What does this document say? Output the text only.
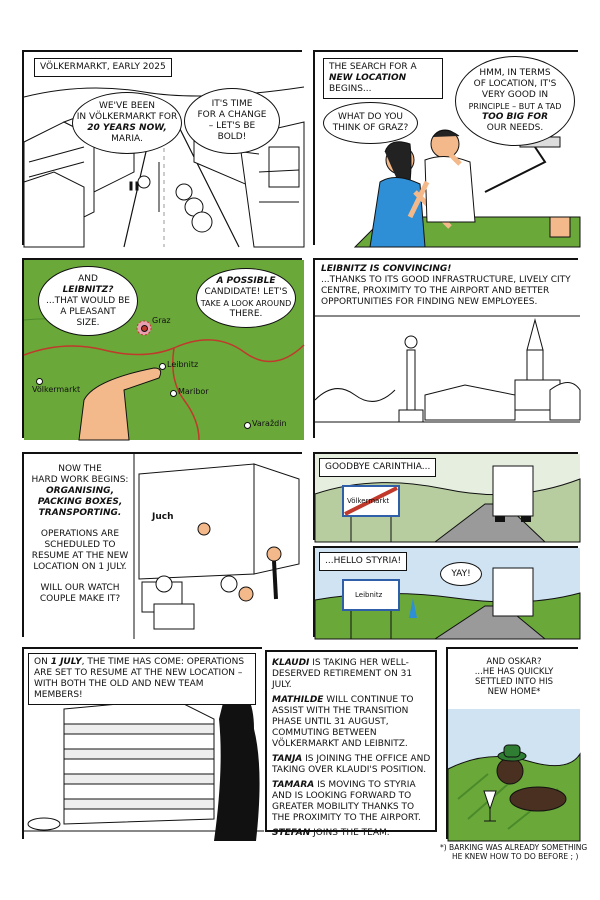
VÖLKERMARKT, EARLY 2025
WE'VE BEEN
IN VÖLKERMARKT FOR
20 YEARS NOW,
MARIA.
IT'S TIME
FOR A CHANGE
– LET'S BE
BOLD!
THE SEARCH FOR A NEW LOCATION BEGINS...
WHAT DO YOU
THINK OF GRAZ?
HMM, IN TERMS
OF LOCATION, IT'S
VERY GOOD IN
PRINCIPLE – BUT A TAD
TOO BIG FOR
OUR NEEDS.
Graz
Leibnitz
Völkermarkt	Maribor
Varaždin
AND
LEIBNITZ?
...THAT WOULD BE
A PLEASANT
SIZE.
A POSSIBLE
CANDIDATE! LET'S
TAKE A LOOK AROUND
THERE.
LEIBNITZ IS CONVINCING!
...THANKS TO ITS GOOD INFRASTRUCTURE, LIVELY CITY CENTRE, PROXIMITY TO THE AIRPORT AND BETTER OPPORTUNITIES FOR FINDING NEW EMPLOYEES.
Juch
NOW THE
HARD WORK BEGINS:
ORGANISING,
PACKING BOXES,
TRANSPORTING.
OPERATIONS ARE
SCHEDULED TO
RESUME AT THE NEW
LOCATION ON 1 JULY.
WILL OUR WATCH
COUPLE MAKE IT?
GOODBYE CARINTHIA...
Völkermarkt
...HELLO STYRIA!
Leibnitz
YAY!
ON 1 JULY, THE TIME HAS COME: OPERATIONS ARE SET TO RESUME AT THE NEW LOCATION – WITH BOTH THE OLD AND NEW TEAM MEMBERS!
KLAUDI IS TAKING HER WELL-DESERVED RETIREMENT ON 31 JULY.
MATHILDE WILL CONTINUE TO ASSIST WITH THE TRANSITION PHASE UNTIL 31 AUGUST, COMMUTING BETWEEN VÖLKERMARKT AND LEIBNITZ.
TANJA IS JOINING THE OFFICE AND TAKING OVER KLAUDI'S POSITION.
TAMARA IS MOVING TO STYRIA AND IS LOOKING FORWARD TO GREATER MOBILITY THANKS TO THE PROXIMITY TO THE AIRPORT.
STEFAN JOINS THE TEAM.
AND OSKAR?
...HE HAS QUICKLY
SETTLED INTO HIS
NEW HOME*
*) BARKING WAS ALREADY SOMETHING
HE KNEW HOW TO DO BEFORE ; )
